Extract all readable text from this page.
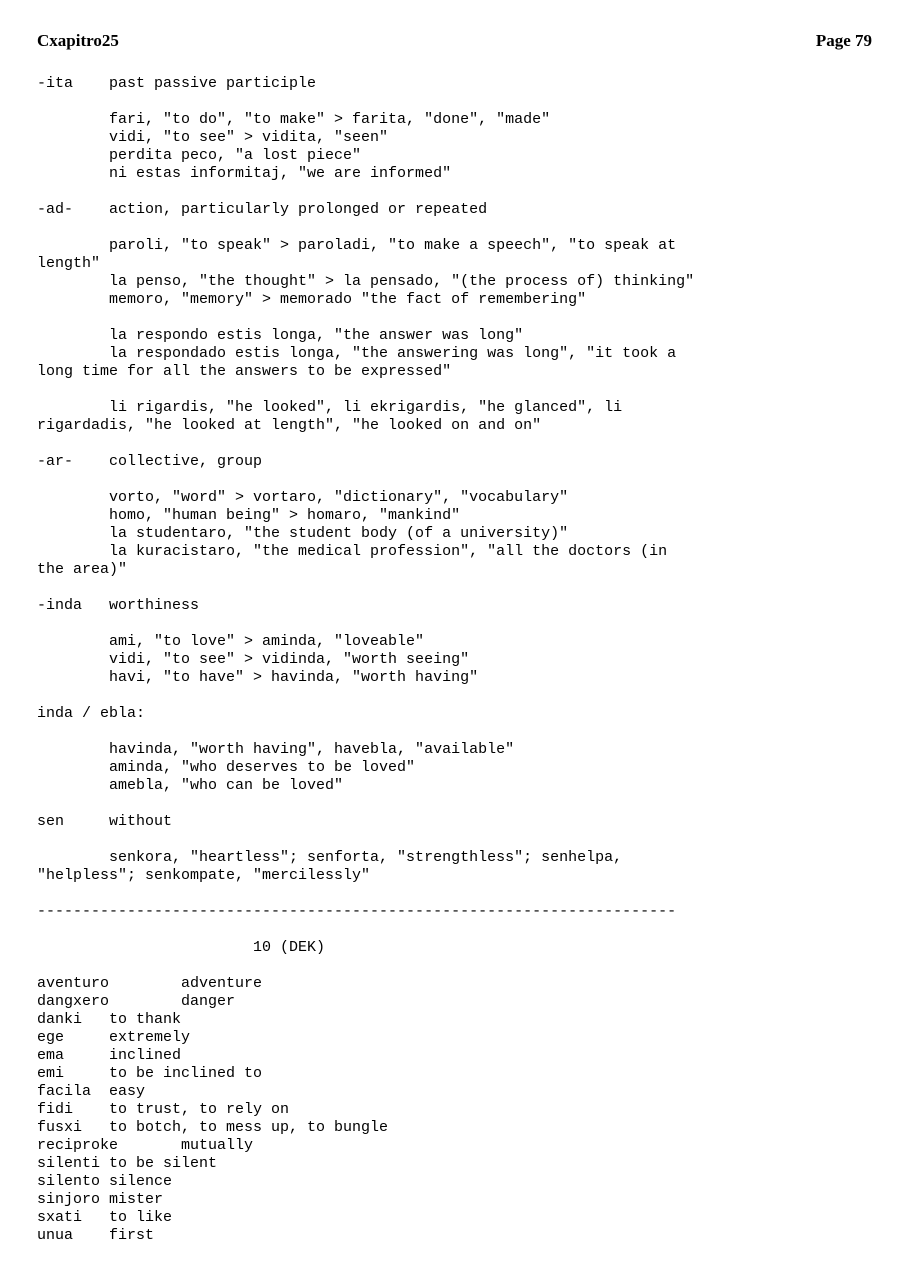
Cxapitro25	Page 79
-ita    past passive participle

fari, "to do", "to make" > farita, "done", "made"
vidi, "to see" > vidita, "seen"
perdita peco, "a lost piece"
ni estas informitaj, "we are informed"

-ad-    action, particularly prolonged or repeated

paroli, "to speak" > paroladi, "to make a speech", "to speak at
length"
la penso, "the thought" > la pensado, "(the process of) thinking"
memoro, "memory" > memorado "the fact of remembering"

la respondo estis longa, "the answer was long"
la respondado estis longa, "the answering was long", "it took a
long time for all the answers to be expressed"

li rigardis, "he looked", li ekrigardis, "he glanced", li
rigardadis, "he looked at length", "he looked on and on"

-ar-    collective, group

vorto, "word" > vortaro, "dictionary", "vocabulary"
homo, "human being" > homaro, "mankind"
la studentaro, "the student body (of a university)"
la kuracistaro, "the medical profession", "all the doctors (in
the area)"

-inda   worthiness

ami, "to love" > aminda, "loveable"
vidi, "to see" > vidinda, "worth seeing"
havi, "to have" > havinda, "worth having"

inda / ebla:

havinda, "worth having", havebla, "available"
aminda, "who deserves to be loved"
amebla, "who can be loved"

sen     without

senkora, "heartless"; senforta, "strengthless"; senhelpa,
"helpless"; senkompate, "mercilessly"

-----------------------------------------------------------------------

10 (DEK)

aventuro        adventure
dangxero        danger
danki   to thank
ege     extremely
ema     inclined
emi     to be inclined to
facila  easy
fidi    to trust, to rely on
fusxi   to botch, to mess up, to bungle
reciproke       mutually
silenti to be silent
silento silence
sinjoro mister
sxati   to like
unua    first
